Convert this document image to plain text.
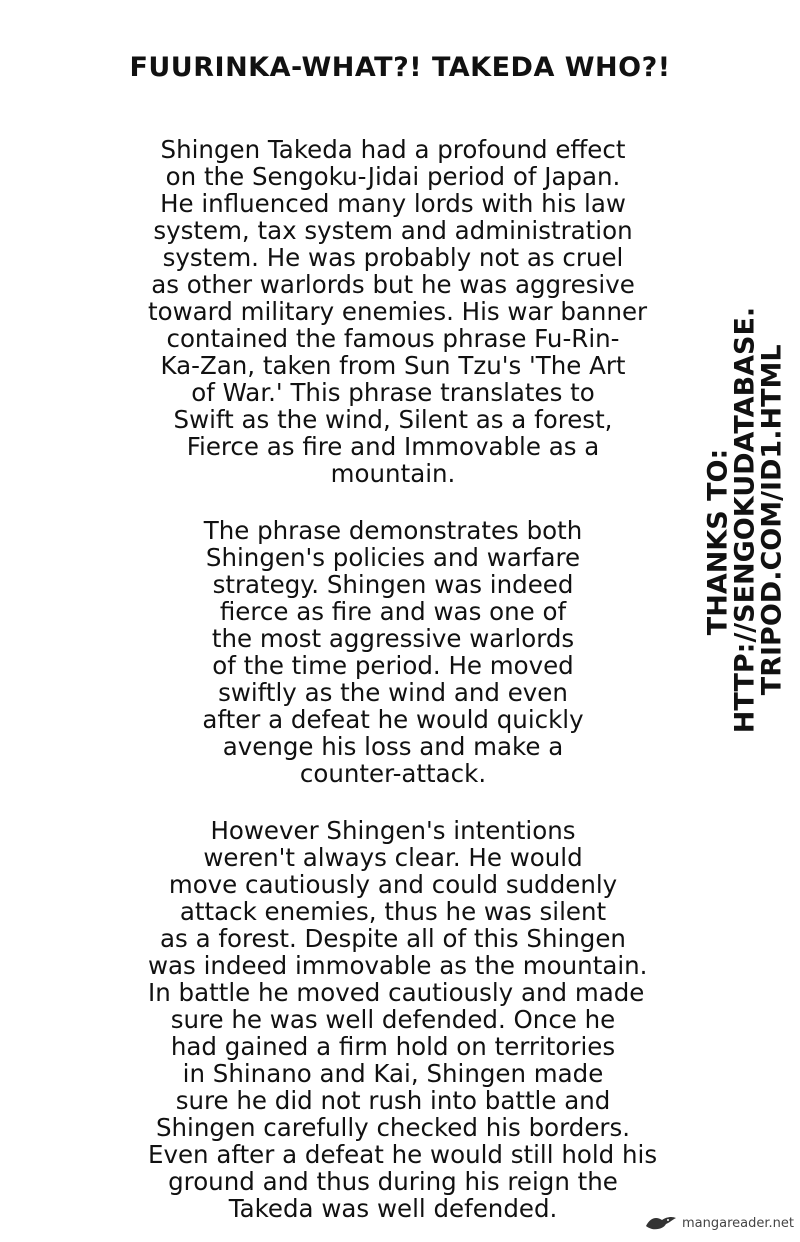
FUURINKA-WHAT?! TAKEDA WHO?!

Shingen Takeda had a profound effect
on the Sengoku-Jidai period of Japan.
He influenced many lords with his law
system, tax system and administration
system. He was probably not as cruel
as other warlords but he was aggresive
toward military enemies. His war banner
contained the famous phrase Fu-Rin-
Ka-Zan, taken from Sun Tzu's 'The Art
of War.' This phrase translates to
Swift as the wind, Silent as a forest,
Fierce as fire and Immovable as a
mountain.

The phrase demonstrates both
Shingen's policies and warfare
strategy. Shingen was indeed
fierce as fire and was one of
the most aggressive warlords
of the time period. He moved
swiftly as the wind and even
after a defeat he would quickly
avenge his loss and make a
counter-attack.

However Shingen's intentions
weren't always clear. He would
move cautiously and could suddenly
attack enemies, thus he was silent
as a forest. Despite all of this Shingen
was indeed immovable as the mountain.
In battle he moved cautiously and made
sure he was well defended. Once he
had gained a firm hold on territories
in Shinano and Kai, Shingen made
sure he did not rush into battle and
Shingen carefully checked his borders.
Even after a defeat he would still hold his
ground and thus during his reign the
Takeda was well defended.

THANKS TO:
HTTP://SENGOKUDATABASE.
TRIPOD.COM/ID1.HTML
mangareader.net
